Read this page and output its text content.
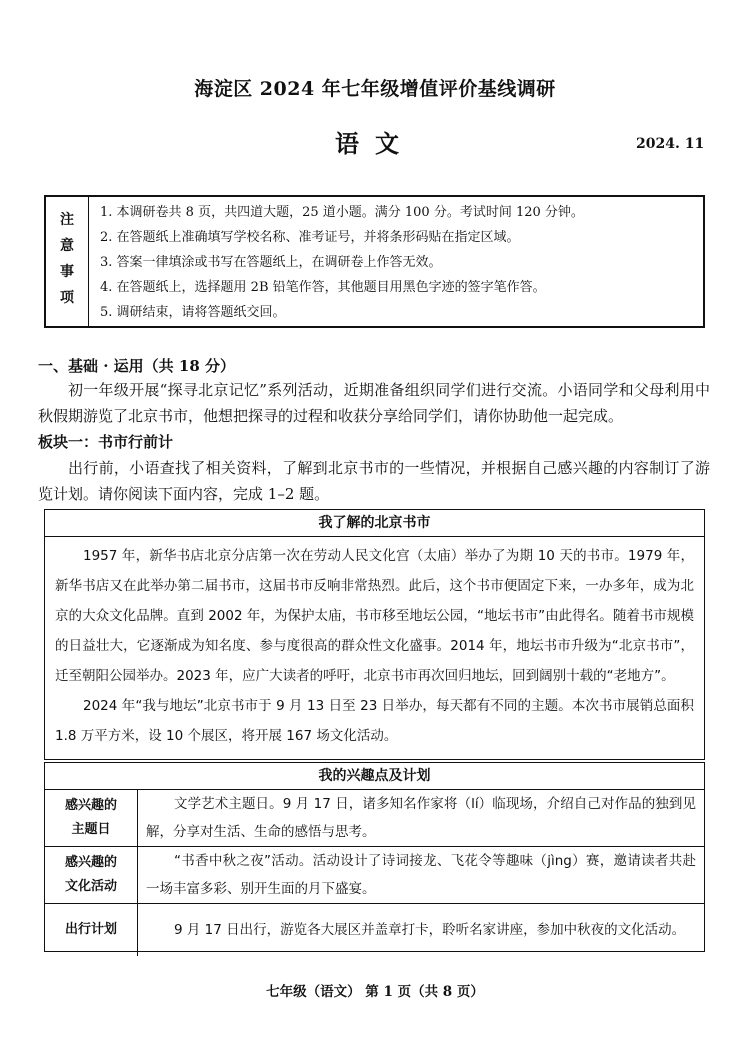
海淀区 2024 年七年级增值评价基线调研
语文	2024. 11
注
意
事
项
1. 本调研卷共 8 页，共四道大题，25 道小题。满分 100 分。考试时间 120 分钟。
2. 在答题纸上准确填写学校名称、准考证号，并将条形码贴在指定区域。
3. 答案一律填涂或书写在答题纸上，在调研卷上作答无效。
4. 在答题纸上，选择题用 2B 铅笔作答，其他题目用黑色字迹的签字笔作答。
5. 调研结束，请将答题纸交回。
一、基础 · 运用（共 18 分）
初一年级开展“探寻北京记忆”系列活动，近期准备组织同学们进行交流。小语同学和父母利用中秋假期游览了北京书市，他想把探寻的过程和收获分享给同学们，请你协助他一起完成。
板块一：书市行前计
出行前，小语查找了相关资料，了解到北京书市的一些情况，并根据自己感兴趣的内容制订了游览计划。请你阅读下面内容，完成 1–2 题。
我了解的北京书市

1957 年，新华书店北京分店第一次在劳动人民文化宫（太庙）举办了为期 10 天的书市。1979 年，新华书店又在此举办第二届书市，这届书市反响非常热烈。此后，这个书市便固定下来，一办多年，成为北京的大众文化品牌。直到 2002 年，为保护太庙，书市移至地坛公园，“地坛书市”由此得名。随着书市规模的日益壮大，它逐渐成为知名度、参与度很高的群众性文化盛事。2014 年，地坛书市升级为“北京书市”，迁至朝阳公园举办。2023 年，应广大读者的呼吁，北京书市再次回归地坛，回到阔别十载的“老地方”。

2024 年“我与地坛”北京书市于 9 月 13 日至 23 日举办，每天都有不同的主题。本次书市展销总面积 1.8 万平方米，设 10 个展区，将开展 167 场文化活动。

我的兴趣点及计划
感兴趣的
主题日	文学艺术主题日。9 月 17 日，诸多知名作家将（lí）临现场，介绍自己对作品的独到见解，分享对生活、生命的感悟与思考。

感兴趣的
文化活动	“书香中秋之夜”活动。活动设计了诗词接龙、飞花令等趣味（jìng）赛，邀请读者共赴一场丰富多彩、别开生面的月下盛宴。

出行计划	9 月 17 日出行，游览各大展区并盖章打卡，聆听名家讲座，参加中秋夜的文化活动。
七年级（语文） 第 1 页（共 8 页）
